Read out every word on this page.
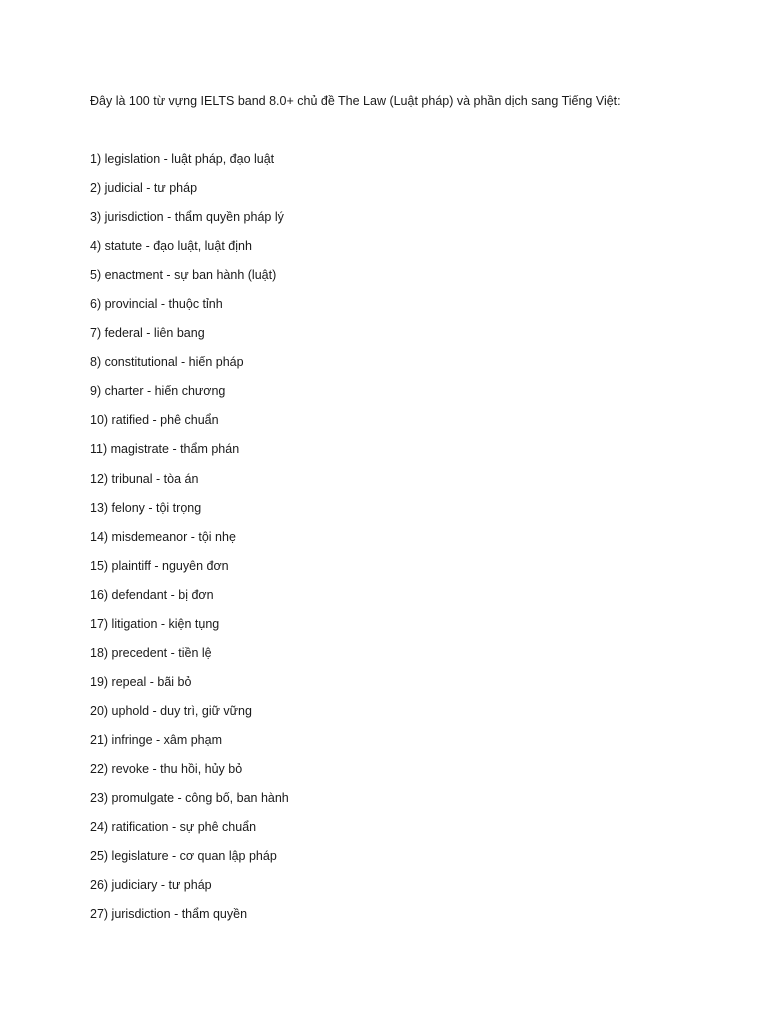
Đây là 100 từ vựng IELTS band 8.0+ chủ đề The Law (Luật pháp) và phần dịch sang Tiếng Việt:

1) legislation - luật pháp, đạo luật
2) judicial - tư pháp
3) jurisdiction - thẩm quyền pháp lý
4) statute - đạo luật, luật định
5) enactment - sự ban hành (luật)
6) provincial - thuộc tỉnh
7) federal - liên bang
8) constitutional - hiến pháp
9) charter - hiến chương
10) ratified - phê chuẩn
11) magistrate - thẩm phán
12) tribunal - tòa án
13) felony - tội trọng
14) misdemeanor - tội nhẹ
15) plaintiff - nguyên đơn
16) defendant - bị đơn
17) litigation - kiện tụng
18) precedent - tiền lệ
19) repeal - bãi bỏ
20) uphold - duy trì, giữ vững
21) infringe - xâm phạm
22) revoke - thu hồi, hủy bỏ
23) promulgate - công bố, ban hành
24) ratification - sự phê chuẩn
25) legislature - cơ quan lập pháp
26) judiciary - tư pháp
27) jurisdiction - thẩm quyền
